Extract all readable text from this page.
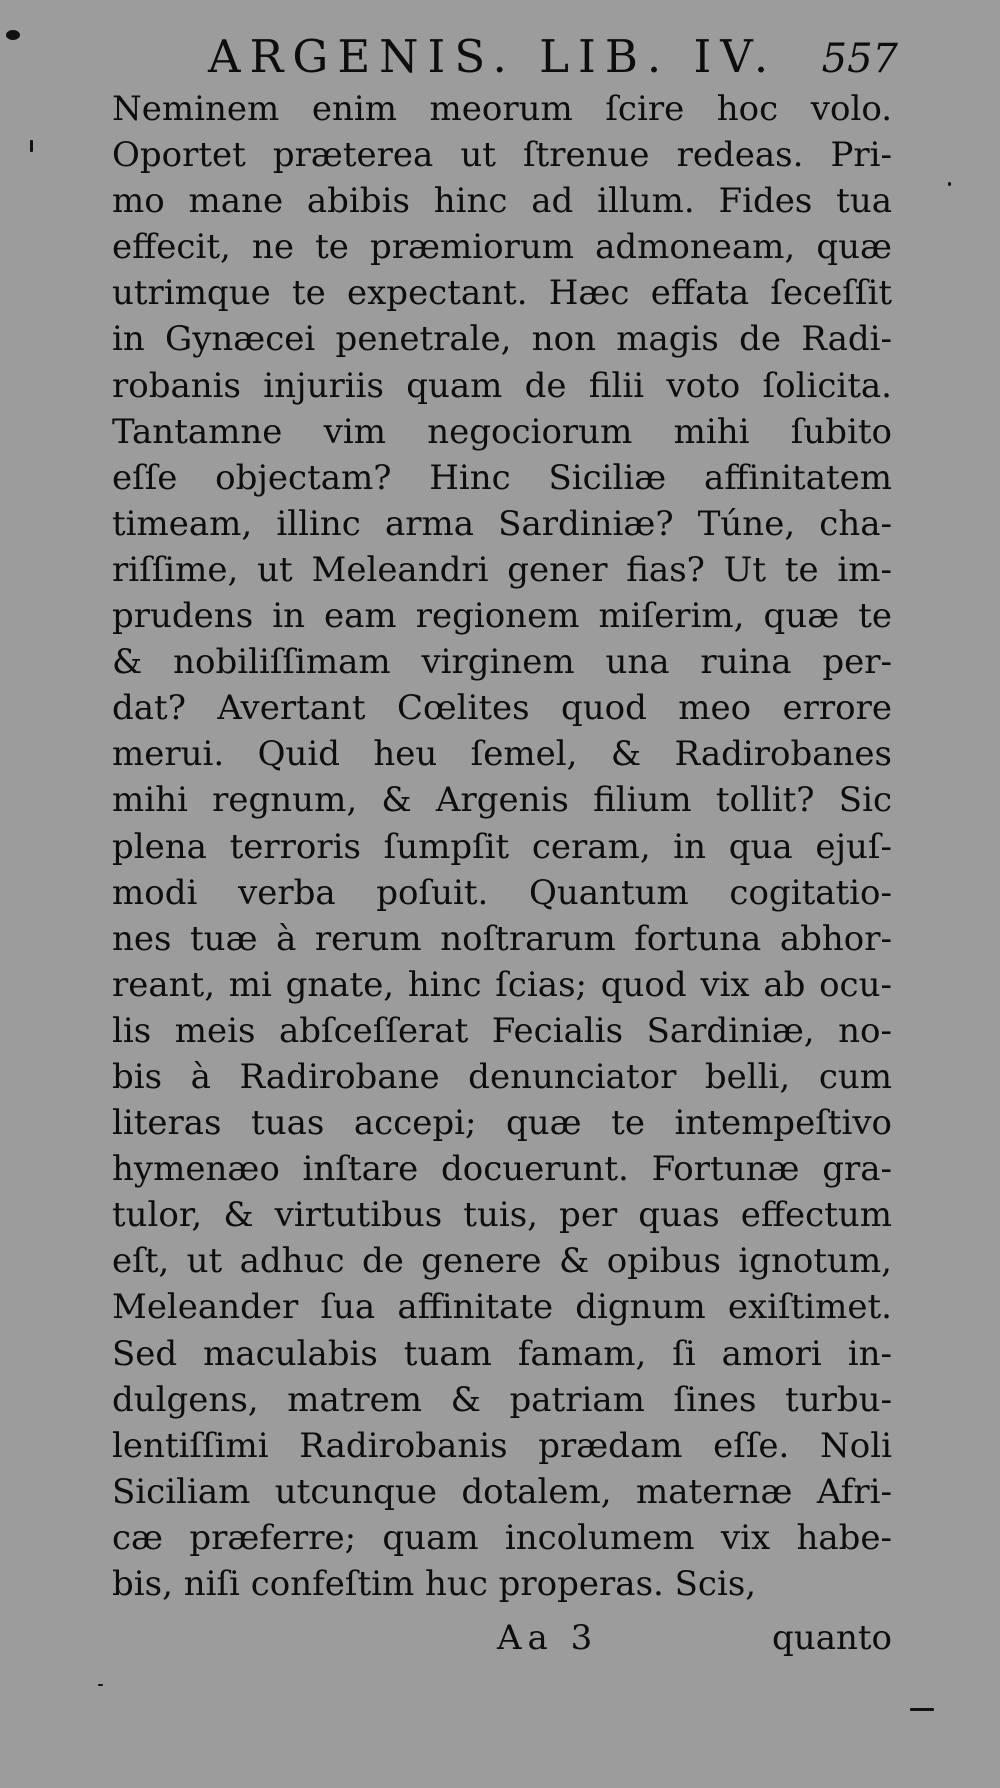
ARGENIS. LIB. IV. 557
Neminem enim meorum ſcire hoc volo.
Oportet præterea ut ſtrenue redeas. Pri-
mo mane abibis hinc ad illum. Fides tua
effecit, ne te præmiorum admoneam, quæ
utrimque te expectant. Hæc effata ſeceſſit
in Gynæcei penetrale, non magis de Radi-
robanis injuriis quam de filii voto ſolicita.
Tantamne vim negociorum mihi ſubito
eſſe objectam? Hinc Siciliæ affinitatem
timeam, illinc arma Sardiniæ? Túne, cha-
riſſime, ut Meleandri gener fias? Ut te im-
prudens in eam regionem miſerim, quæ te
& nobiliſſimam virginem una ruina per-
dat? Avertant Cœlites quod meo errore
merui. Quid heu ſemel, & Radirobanes
mihi regnum, & Argenis filium tollit? Sic
plena terroris ſumpſit ceram, in qua ejuſ-
modi verba poſuit. Quantum cogitatio-
nes tuæ à rerum noſtrarum fortuna abhor-
reant, mi gnate, hinc ſcias; quod vix ab ocu-
lis meis abſceſſerat Fecialis Sardiniæ, no-
bis à Radirobane denunciator belli, cum
literas tuas accepi; quæ te intempeſtivo
hymenæo inſtare docuerunt. Fortunæ gra-
tulor, & virtutibus tuis, per quas effectum
eſt, ut adhuc de genere & opibus ignotum,
Meleander ſua affinitate dignum exiſtimet.
Sed maculabis tuam famam, ſi amori in-
dulgens, matrem & patriam ſines turbu-
lentiſſimi Radirobanis prædam eſſe. Noli
Siciliam utcunque dotalem, maternæ Afri-
cæ præferre; quam incolumem vix habe-
bis, niſi confeſtim huc properas. Scis,
Aa 3	quanto
